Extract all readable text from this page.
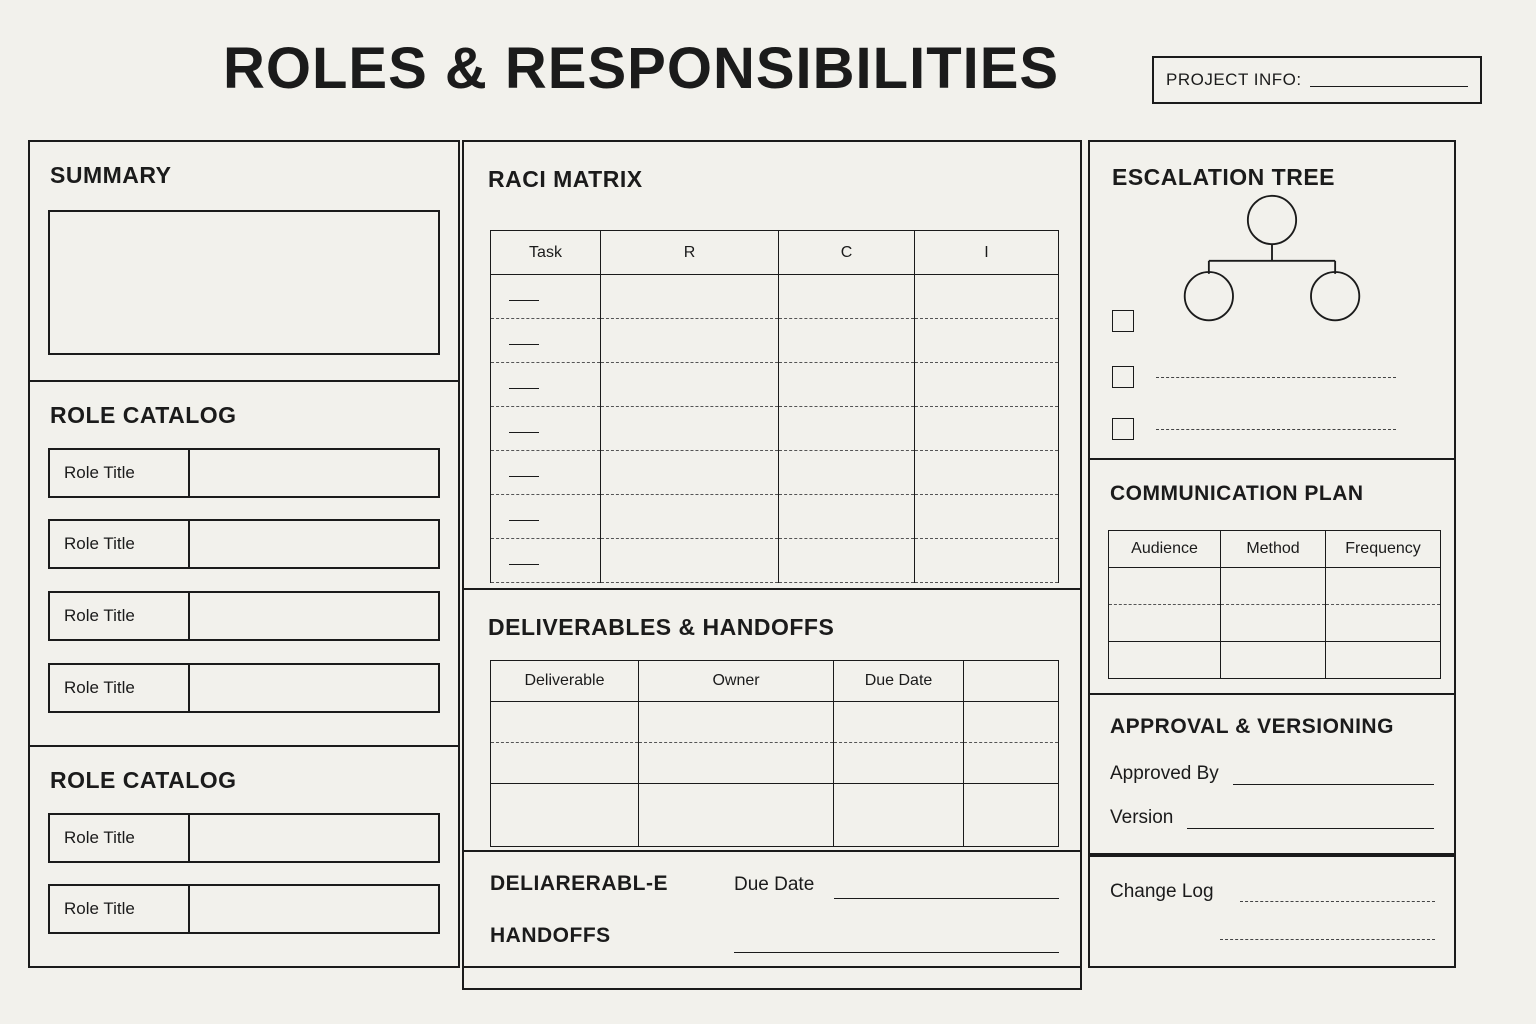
ROLES & RESPONSIBILITIES	PROJECT INFO:
SUMMARY
ROLE CATALOG
Role Title
Role Title
Role Title
Role Title
ROLE CATALOG
Role Title
Role Title
RACI MATRIX
Task	R	C	I

DELIVERABLES & HANDOFFS
Deliverable	Owner	Due Date	

DELIARERABL-E
HANDOFFS
Due Date
ESCALATION TREE
COMMUNICATION PLAN
Audience	Method	Frequency

APPROVAL & VERSIONING
Approved By
Version
Change Log
